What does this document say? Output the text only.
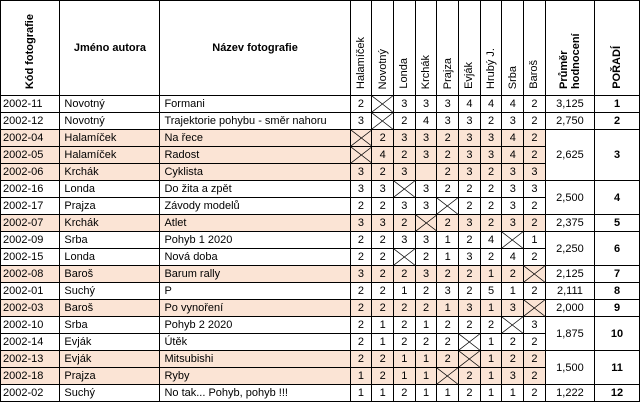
Kód fotografie	Jméno autora	Název fotografie	Halamíček	Novotný	Londa	Krchák	Prajza	Evják	Hrubý J.	Srba	Baroš	Průměr hodnocení	POŘADÍ
2002-11	Novotný	Formani	2		3	3	3	4	4	4	2	3,125	1
2002-12	Novotný	Trajektorie pohybu - směr nahoru	3		2	4	3	3	2	3	2	2,750	2
2002-04	Halamíček	Na řece		2	3	3	2	3	3	4	2	2,625	3
2002-05	Halamíček	Radost		4	2	3	2	3	3	4	2		
2002-06	Krchák	Cyklista	3	2	3		2	3	2	3	3		
2002-16	Londa	Do žita a zpět	3	3		3	2	2	2	3	3	2,500	4
2002-17	Prajza	Závody modelů	2	2	3	3		2	2	3	2		
2002-07	Krchák	Atlet	3	3	2		2	3	2	3	2	2,375	5
2002-09	Srba	Pohyb 1 2020	2	2	3	3	1	2	4		1	2,250	6
2002-15	Londa	Nová doba	2	2		2	1	3	2	4	2		
2002-08	Baroš	Barum rally	3	2	2	3	2	2	1	2		2,125	7
2002-01	Suchý	P	2	2	1	2	3	2	5	1	2	2,111	8
2002-03	Baroš	Po vynoření	2	2	2	2	1	3	1	3		2,000	9
2002-10	Srba	Pohyb 2 2020	2	1	2	1	2	2	2		3	1,875	10
2002-14	Evják	Útěk	2	1	2	2	2		1	2	2		
2002-13	Evják	Mitsubishi	2	2	1	1	2		1	2	2	1,500	11
2002-18	Prajza	Ryby	1	2	1	1		2	1	3	2		
2002-02	Suchý	No tak... Pohyb, pohyb !!!	1	1	2	1	1	2	1	1	2	1,222	12
